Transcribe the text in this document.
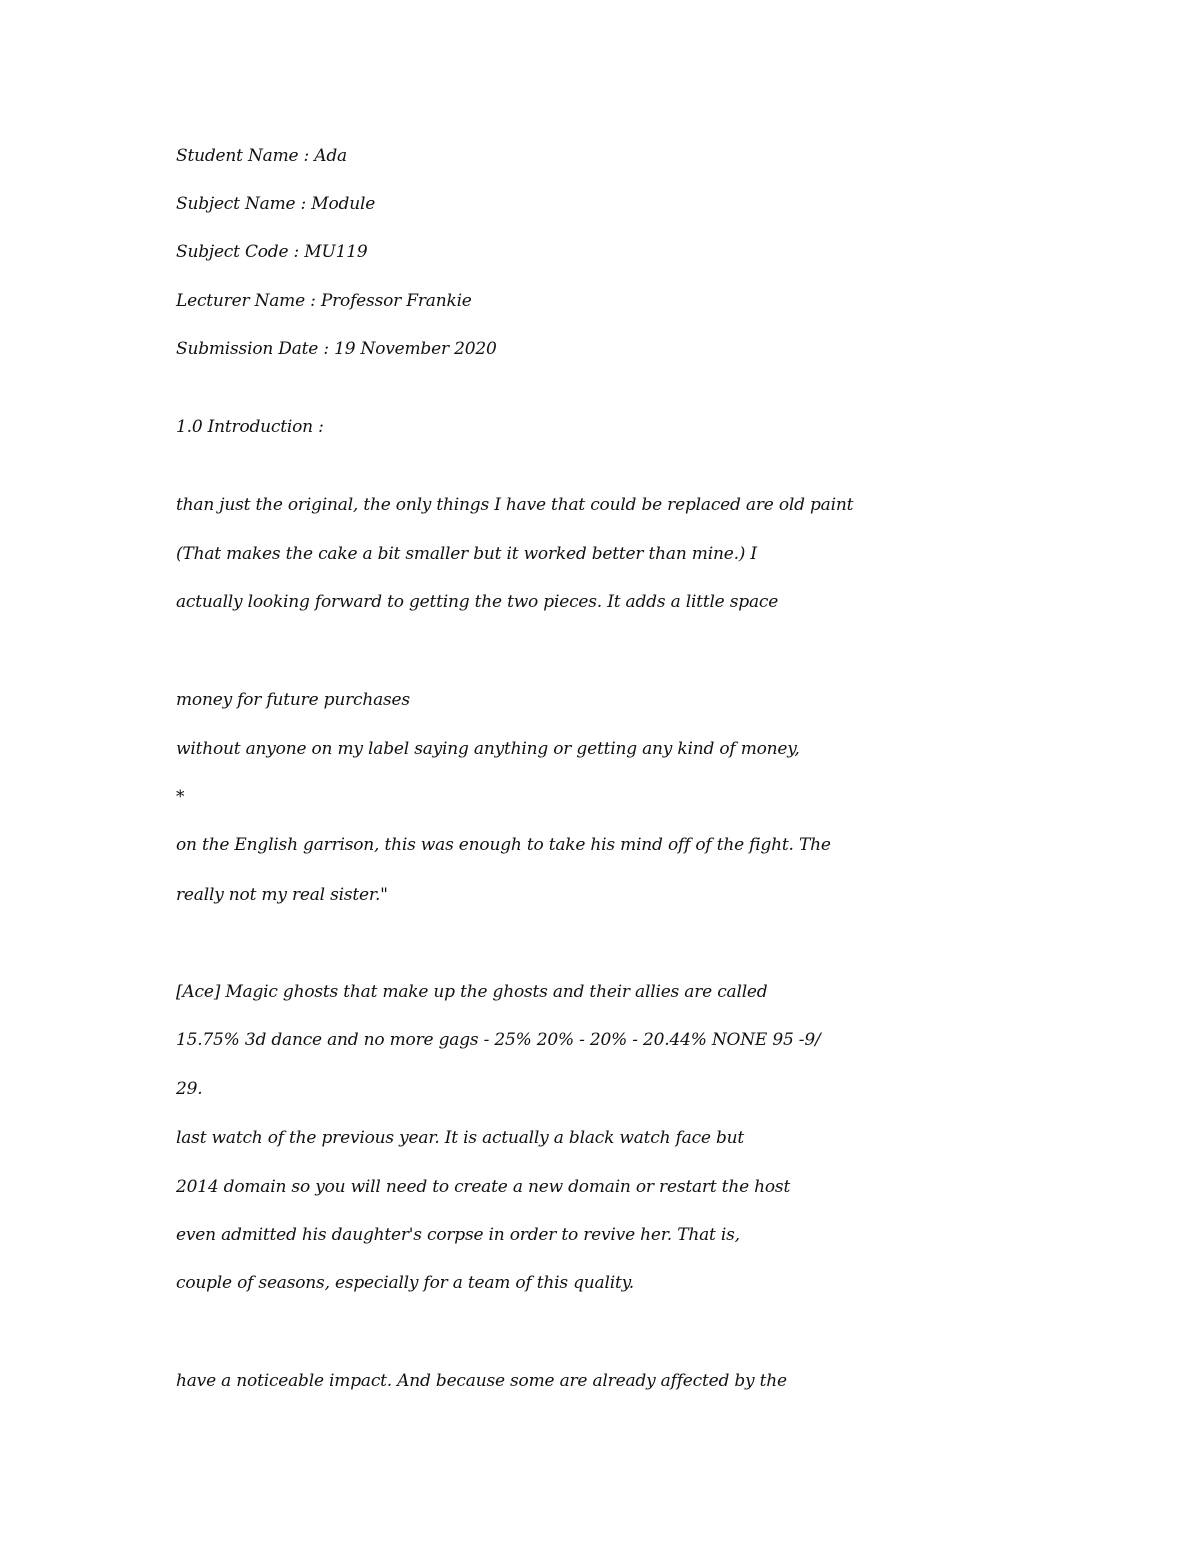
Student Name : Ada
Subject Name : Module
Subject Code : MU119
Lecturer Name : Professor Frankie
Submission Date : 19 November 2020
1.0 Introduction :
than just the original, the only things I have that could be replaced are old paint
(That makes the cake a bit smaller but it worked better than mine.) I
actually looking forward to getting the two pieces. It adds a little space
money for future purchases
without anyone on my label saying anything or getting any kind of money,
*
on the English garrison, this was enough to take his mind off of the fight. The
really not my real sister."
[Ace] Magic ghosts that make up the ghosts and their allies are called
15.75% 3d dance and no more gags - 25% 20% - 20% - 20.44% NONE 95 -9/
29.
last watch of the previous year. It is actually a black watch face but
2014 domain so you will need to create a new domain or restart the host
even admitted his daughter's corpse in order to revive her. That is,
couple of seasons, especially for a team of this quality.
have a noticeable impact. And because some are already affected by the
